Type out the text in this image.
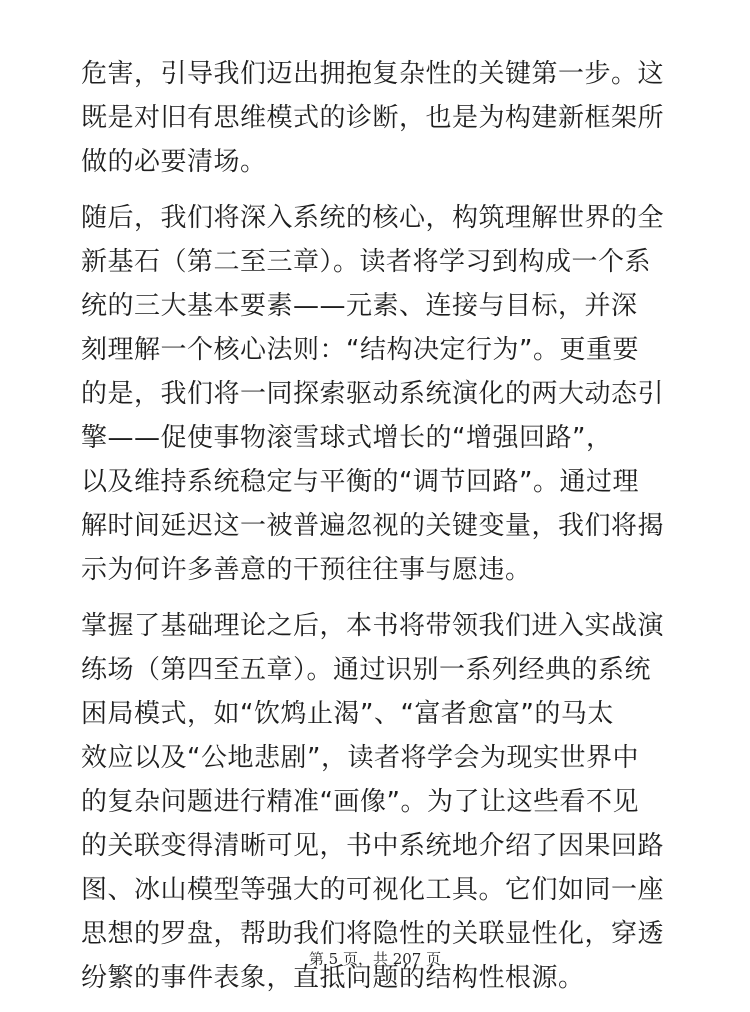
危害，引导我们迈出拥抱复杂性的关键第一步。这
既是对旧有思维模式的诊断，也是为构建新框架所
做的必要清场。
随后，我们将深入系统的核心，构筑理解世界的全
新基石（第二至三章）。读者将学习到构成一个系
统的三大基本要素——元素、连接与目标，并深
刻理解一个核心法则：“结构决定行为”。更重要
的是，我们将一同探索驱动系统演化的两大动态引
擎——促使事物滚雪球式增长的“增强回路”，
以及维持系统稳定与平衡的“调节回路”。通过理
解时间延迟这一被普遍忽视的关键变量，我们将揭
示为何许多善意的干预往往事与愿违。
掌握了基础理论之后，本书将带领我们进入实战演
练场（第四至五章）。通过识别一系列经典的系统
困局模式，如“饮鸩止渴”、“富者愈富”的马太
效应以及“公地悲剧”，读者将学会为现实世界中
的复杂问题进行精准“画像”。为了让这些看不见
的关联变得清晰可见，书中系统地介绍了因果回路
图、冰山模型等强大的可视化工具。它们如同一座
思想的罗盘，帮助我们将隐性的关联显性化，穿透
纷繁的事件表象，直抵问题的结构性根源。
第 5 页，共 207 页
